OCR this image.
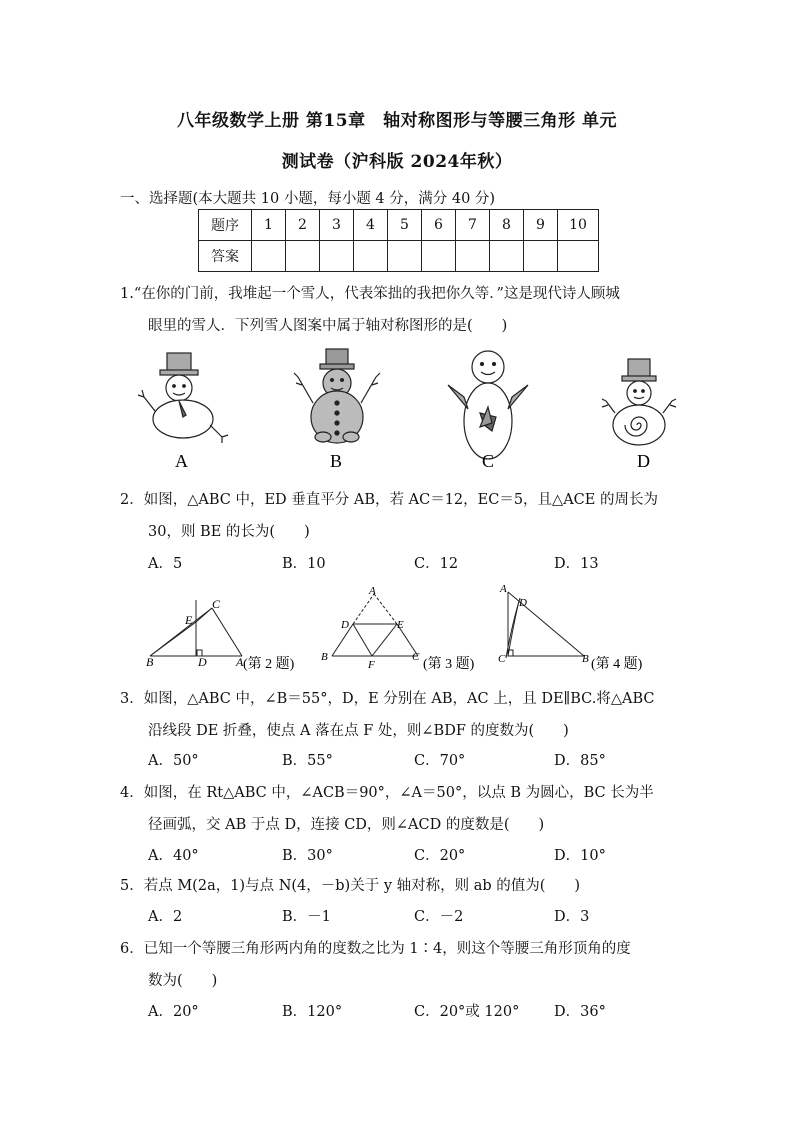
八年级数学上册 第15章　轴对称图形与等腰三角形 单元
测试卷（沪科版 2024年秋）
一、选择题(本大题共 10 小题，每小题 4 分，满分 40 分)
题序	1	2	3	4	5	6	7	8	9	10
答案										
1.“在你的门前，我堆起一个雪人，代表笨拙的我把你久等．”这是现代诗人顾城
眼里的雪人．下列雪人图案中属于轴对称图形的是(　　)
A	B	C	D
2．如图，△ABC 中，ED 垂直平分 AB，若 AC＝12，EC＝5，且△ACE 的周长为
30，则 BE 的长为(　　)
A．5	B．10	C．12	D．13
C
E
B	D A (第 2 题)
A
D	E
B
F
C (第 3 题)
A
D
C	B (第 4 题)
3．如图，△ABC 中，∠B＝55°，D，E 分别在 AB，AC 上，且 DE∥BC.将△ABC
沿线段 DE 折叠，使点 A 落在点 F 处，则∠BDF 的度数为(　　)
A．50°	B．55°	C．70°	D．85°
4．如图，在 Rt△ABC 中，∠ACB＝90°，∠A＝50°，以点 B 为圆心，BC 长为半
径画弧，交 AB 于点 D，连接 CD，则∠ACD 的度数是(　　)
A．40°	B．30°	C．20°	D．10°
5．若点 M(2a，1)与点 N(4，－b)关于 y 轴对称，则 ab 的值为(　　)
A．2	B．－1	C．－2	D．3
6．已知一个等腰三角形两内角的度数之比为 1∶4，则这个等腰三角形顶角的度
数为(　　)
A．20°	B．120°	C．20°或 120° D．36°
